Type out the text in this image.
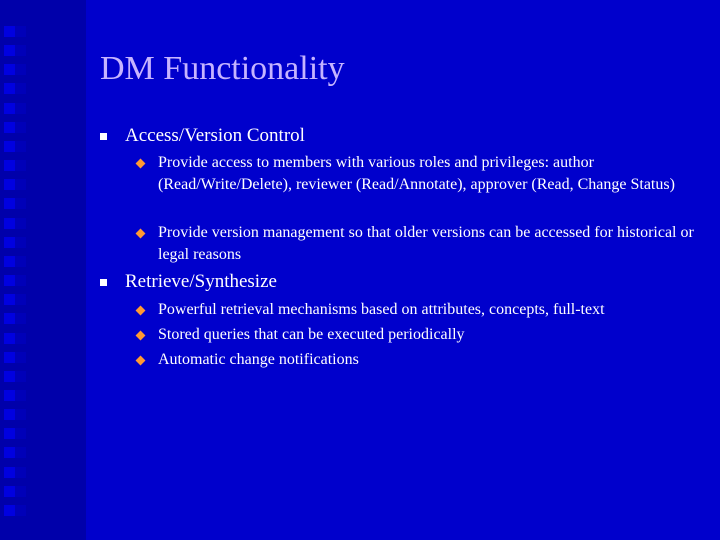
DM Functionality
Access/Version Control
Provide access to members with various roles and privileges: author (Read/Write/Delete), reviewer (Read/Annotate), approver (Read, Change Status)
Provide version management so that older versions can be accessed for historical or legal reasons
Retrieve/Synthesize
Powerful retrieval mechanisms based on attributes, concepts, full-text
Stored queries that can be executed periodically
Automatic change notifications
